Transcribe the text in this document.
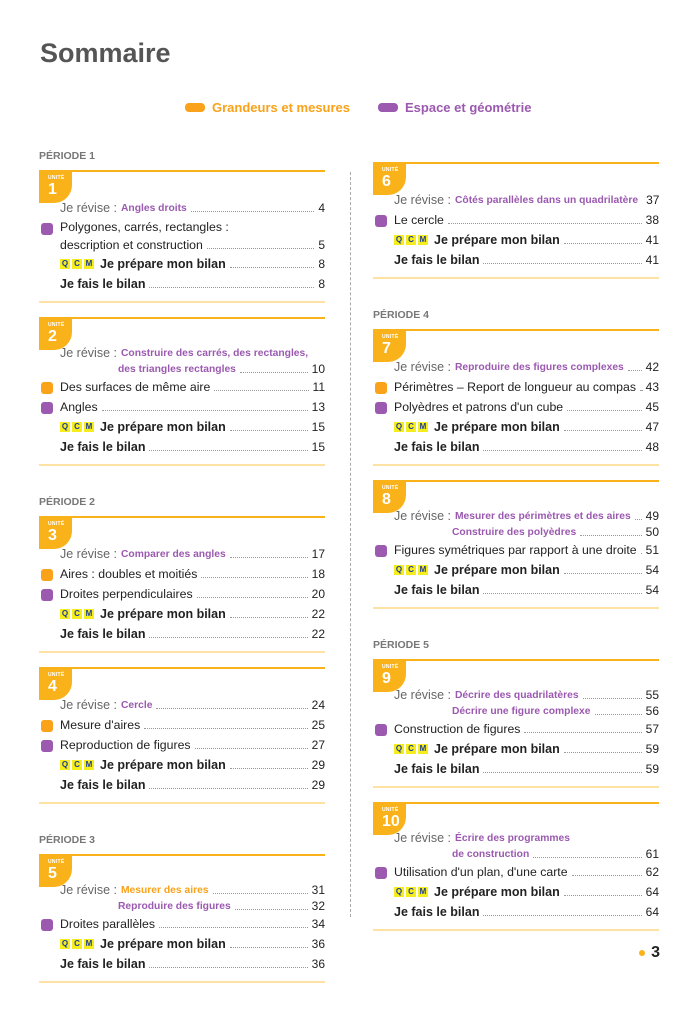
Sommaire
Grandeurs et mesures	Espace et géométrie
PÉRIODE 1
UNITÉ
1
Je révise : Angles droits	4
Polygones, carrés, rectangles :
description et construction	5
Q C M Je prépare mon bilan	8
Je fais le bilan	8
UNITÉ
2
Je révise : Construire des carrés, des rectangles,
des triangles rectangles	10
Des surfaces de même aire	11
Angles	13
Q C M Je prépare mon bilan	15
Je fais le bilan	15
PÉRIODE 2
UNITÉ
3
Je révise : Comparer des angles	17
Aires : doubles et moitiés	18
Droites perpendiculaires	20
Q C M Je prépare mon bilan	22
Je fais le bilan	22
UNITÉ
4
Je révise : Cercle	24
Mesure d'aires	25
Reproduction de figures	27
Q C M Je prépare mon bilan	29
Je fais le bilan	29
PÉRIODE 3
UNITÉ
5
Je révise : Mesurer des aires	31
Reproduire des figures	32
Droites parallèles	34
Q C M Je prépare mon bilan	36
Je fais le bilan	36
UNITÉ
6
Je révise : Côtés parallèles dans un quadrilatère 37
Le cercle	38
Q C M Je prépare mon bilan	41
Je fais le bilan	41
PÉRIODE 4
UNITÉ
7
Je révise : Reproduire des figures complexes 42
Périmètres – Report de longueur au compas 43
Polyèdres et patrons d'un cube	45
Q C M Je prépare mon bilan	47
Je fais le bilan	48
UNITÉ
8
Je révise : Mesurer des périmètres et des aires 49
Construire des polyèdres	50
Figures symétriques par rapport à une droite 51
Q C M Je prépare mon bilan	54
Je fais le bilan	54
PÉRIODE 5
UNITÉ
9
Je révise : Décrire des quadrilatères	55
Décrire une figure complexe	56
Construction de figures	57
Q C M Je prépare mon bilan	59
Je fais le bilan	59
UNITÉ
10
Je révise : Écrire des programmes
de construction	61
Utilisation d'un plan, d'une carte	62
Q C M Je prépare mon bilan	64
Je fais le bilan	64
3
